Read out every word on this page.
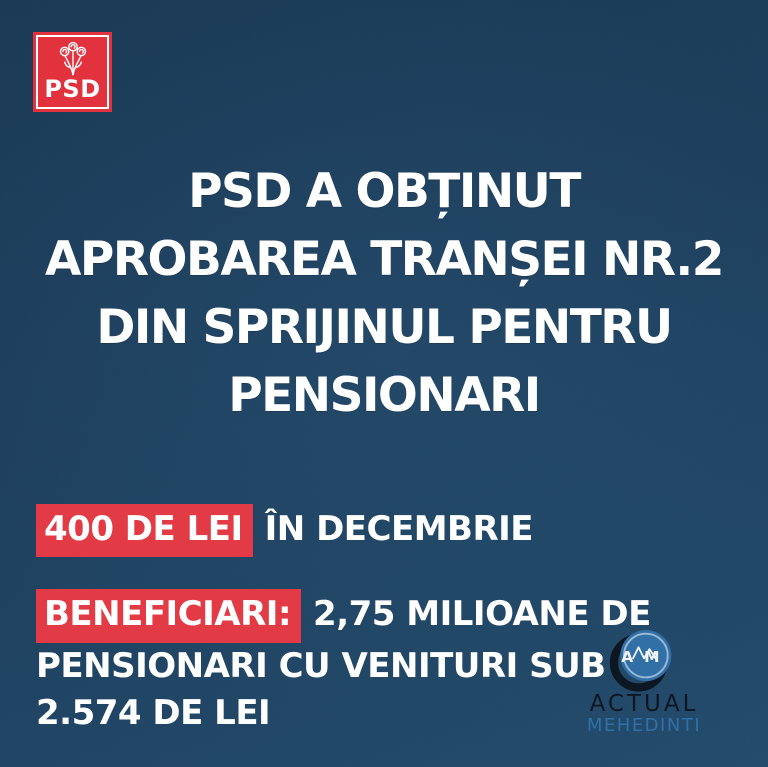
PSD
PSD A OBȚINUT
APROBAREA TRANȘEI NR.2
DIN SPRIJINUL PENTRU
PENSIONARI
400 DE LEI ÎN DECEMBRIE
BENEFICIARI: 2,75 MILIOANE DE
PENSIONARI CU VENITURI SUB
2.574 DE LEI
AM
ACTUAL
MEHEDINTI
